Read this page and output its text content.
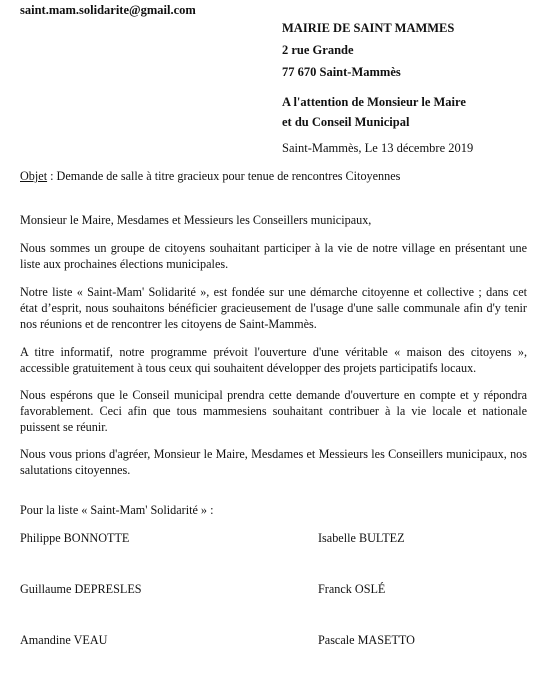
saint.mam.solidarite@gmail.com
MAIRIE DE SAINT MAMMES
2 rue Grande
77 670 Saint-Mammès
A l'attention de Monsieur le Maire
et du Conseil Municipal
Saint-Mammès, Le 13 décembre 2019
Objet : Demande de salle à titre gracieux pour tenue de rencontres Citoyennes
Monsieur le Maire, Mesdames et Messieurs les Conseillers municipaux,
Nous sommes un groupe de citoyens souhaitant participer à la vie de notre village en présentant une liste aux prochaines élections municipales.
Notre liste « Saint-Mam' Solidarité », est fondée sur une démarche citoyenne et collective ; dans cet état d’esprit, nous souhaitons bénéficier gracieusement de l'usage d'une salle communale afin d'y tenir nos réunions et de rencontrer les citoyens de Saint-Mammès.
A titre informatif, notre programme prévoit l'ouverture d'une véritable « maison des citoyens », accessible gratuitement à tous ceux qui souhaitent développer des projets participatifs locaux.
Nous espérons que le Conseil municipal prendra cette demande d'ouverture en compte et y répondra favorablement. Ceci afin que tous mammesiens souhaitant contribuer à la vie locale et nationale puissent se réunir.
Nous vous prions d'agréer, Monsieur le Maire, Mesdames et Messieurs les Conseillers municipaux, nos salutations citoyennes.
Pour la liste « Saint-Mam' Solidarité » :
Philippe BONNOTTE	Isabelle BULTEZ
Guillaume DEPRESLES	Franck OSLÉ
Amandine VEAU	Pascale MASETTO
